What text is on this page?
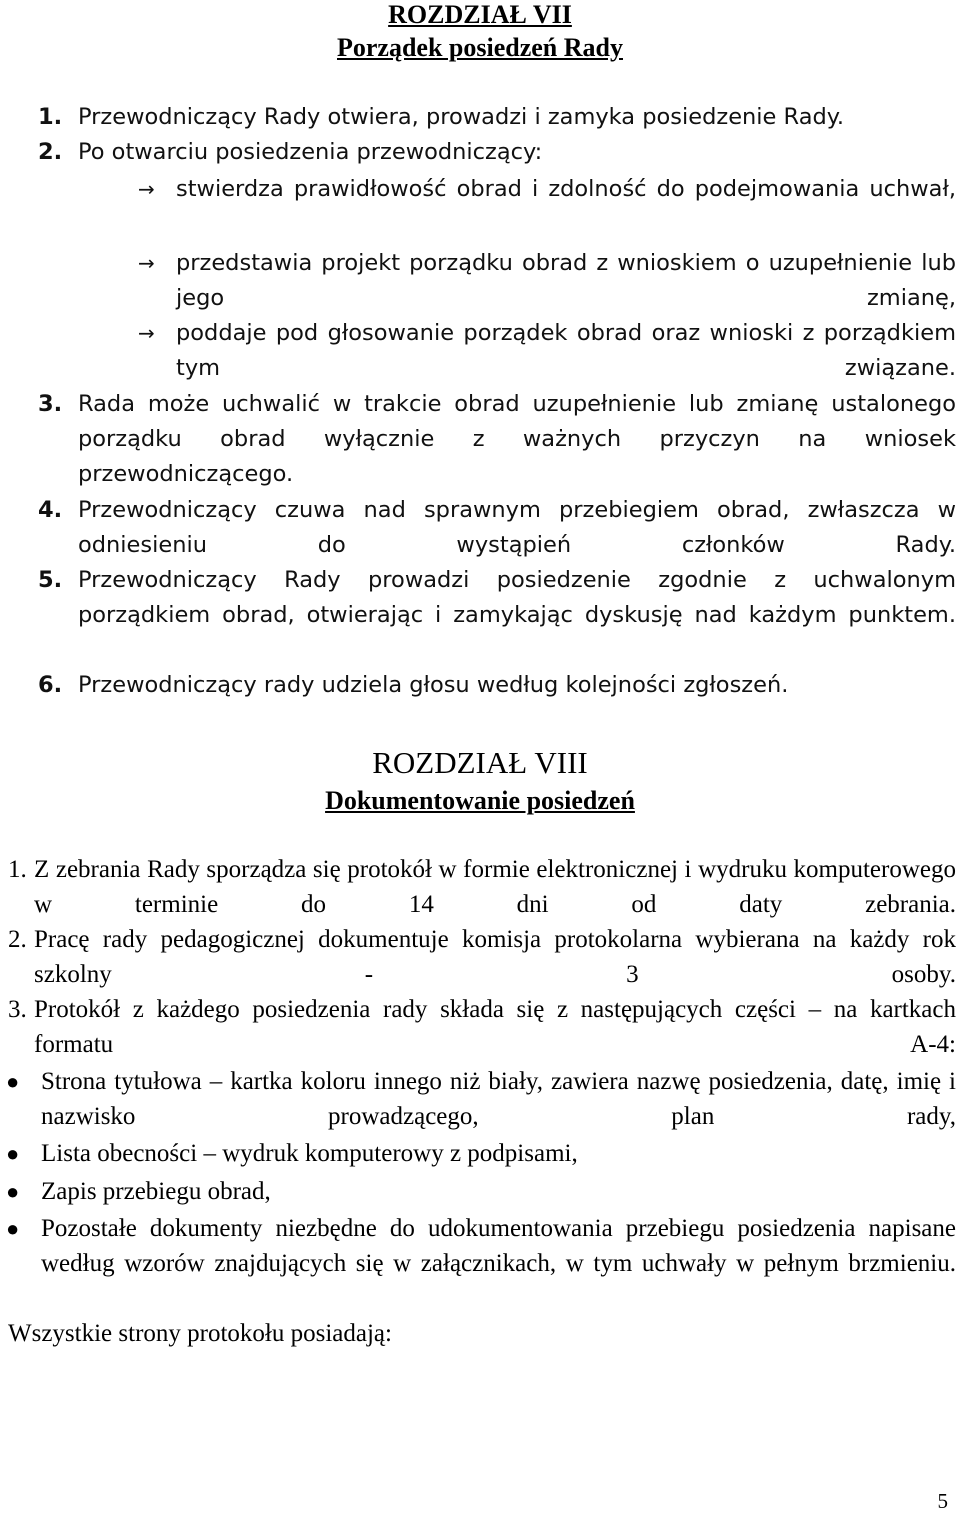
ROZDZIAŁ VII
Porządek posiedzeń Rady
1. Przewodniczący Rady otwiera, prowadzi i zamyka posiedzenie Rady.
2. Po otwarciu posiedzenia przewodniczący:
→ stwierdza prawidłowość obrad i zdolność do podejmowania uchwał,
→ przedstawia projekt porządku obrad z wnioskiem o uzupełnienie lub jego zmianę,
→ poddaje pod głosowanie porządek obrad oraz wnioski z porządkiem tym związane.
3. Rada może uchwalić w trakcie obrad uzupełnienie lub zmianę ustalonego porządku obrad wyłącznie z ważnych przyczyn na wniosek przewodniczącego.
4. Przewodniczący czuwa nad sprawnym przebiegiem obrad, zwłaszcza w odniesieniu do wystąpień członków Rady.
5. Przewodniczący Rady prowadzi posiedzenie zgodnie z uchwalonym porządkiem obrad, otwierając i zamykając dyskusję nad każdym punktem.
6. Przewodniczący rady udziela głosu według kolejności zgłoszeń.
ROZDZIAŁ VIII
Dokumentowanie posiedzeń
1. Z zebrania Rady sporządza się protokół w formie elektronicznej i wydruku komputerowego w terminie do 14 dni od daty zebrania.
2. Pracę rady pedagogicznej dokumentuje komisja protokolarna wybierana na każdy rok szkolny - 3 osoby.
3. Protokół z każdego posiedzenia rady składa się z następujących części – na kartkach formatu A-4:
● Strona tytułowa – kartka koloru innego niż biały, zawiera nazwę posiedzenia, datę, imię i nazwisko prowadzącego, plan rady,
● Lista obecności – wydruk komputerowy z podpisami,
● Zapis przebiegu obrad,
● Pozostałe dokumenty niezbędne do udokumentowania przebiegu posiedzenia napisane według wzorów znajdujących się w załącznikach, w tym uchwały w pełnym brzmieniu.
Wszystkie strony protokołu posiadają:
5
